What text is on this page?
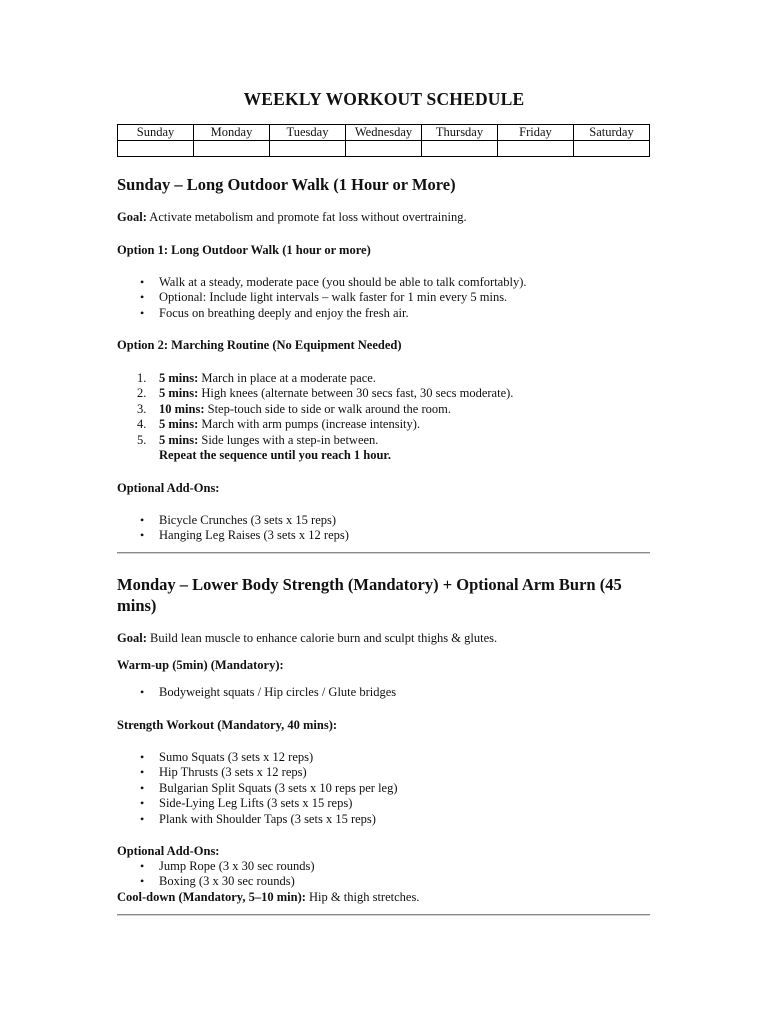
WEEKLY WORKOUT SCHEDULE
Sunday	Monday	Tuesday	Wednesday	Thursday	Friday	Saturday

Sunday – Long Outdoor Walk (1 Hour or More)
Goal: Activate metabolism and promote fat loss without overtraining.
Option 1: Long Outdoor Walk (1 hour or more)
• Walk at a steady, moderate pace (you should be able to talk comfortably).
• Optional: Include light intervals – walk faster for 1 min every 5 mins.
• Focus on breathing deeply and enjoy the fresh air.
Option 2: Marching Routine (No Equipment Needed)
1. 5 mins: March in place at a moderate pace.
2. 5 mins: High knees (alternate between 30 secs fast, 30 secs moderate).
3. 10 mins: Step-touch side to side or walk around the room.
4. 5 mins: March with arm pumps (increase intensity).
5. 5 mins: Side lunges with a step-in between.
Repeat the sequence until you reach 1 hour.
Optional Add-Ons:
• Bicycle Crunches (3 sets x 15 reps)
• Hanging Leg Raises (3 sets x 12 reps)
Monday – Lower Body Strength (Mandatory) + Optional Arm Burn (45 mins)
Goal: Build lean muscle to enhance calorie burn and sculpt thighs & glutes.
Warm-up (5min) (Mandatory):
• Bodyweight squats / Hip circles / Glute bridges
Strength Workout (Mandatory, 40 mins):
• Sumo Squats (3 sets x 12 reps)
• Hip Thrusts (3 sets x 12 reps)
• Bulgarian Split Squats (3 sets x 10 reps per leg)
• Side-Lying Leg Lifts (3 sets x 15 reps)
• Plank with Shoulder Taps (3 sets x 15 reps)
Optional Add-Ons:
• Jump Rope (3 x 30 sec rounds)
• Boxing (3 x 30 sec rounds)
Cool-down (Mandatory, 5–10 min): Hip & thigh stretches.
